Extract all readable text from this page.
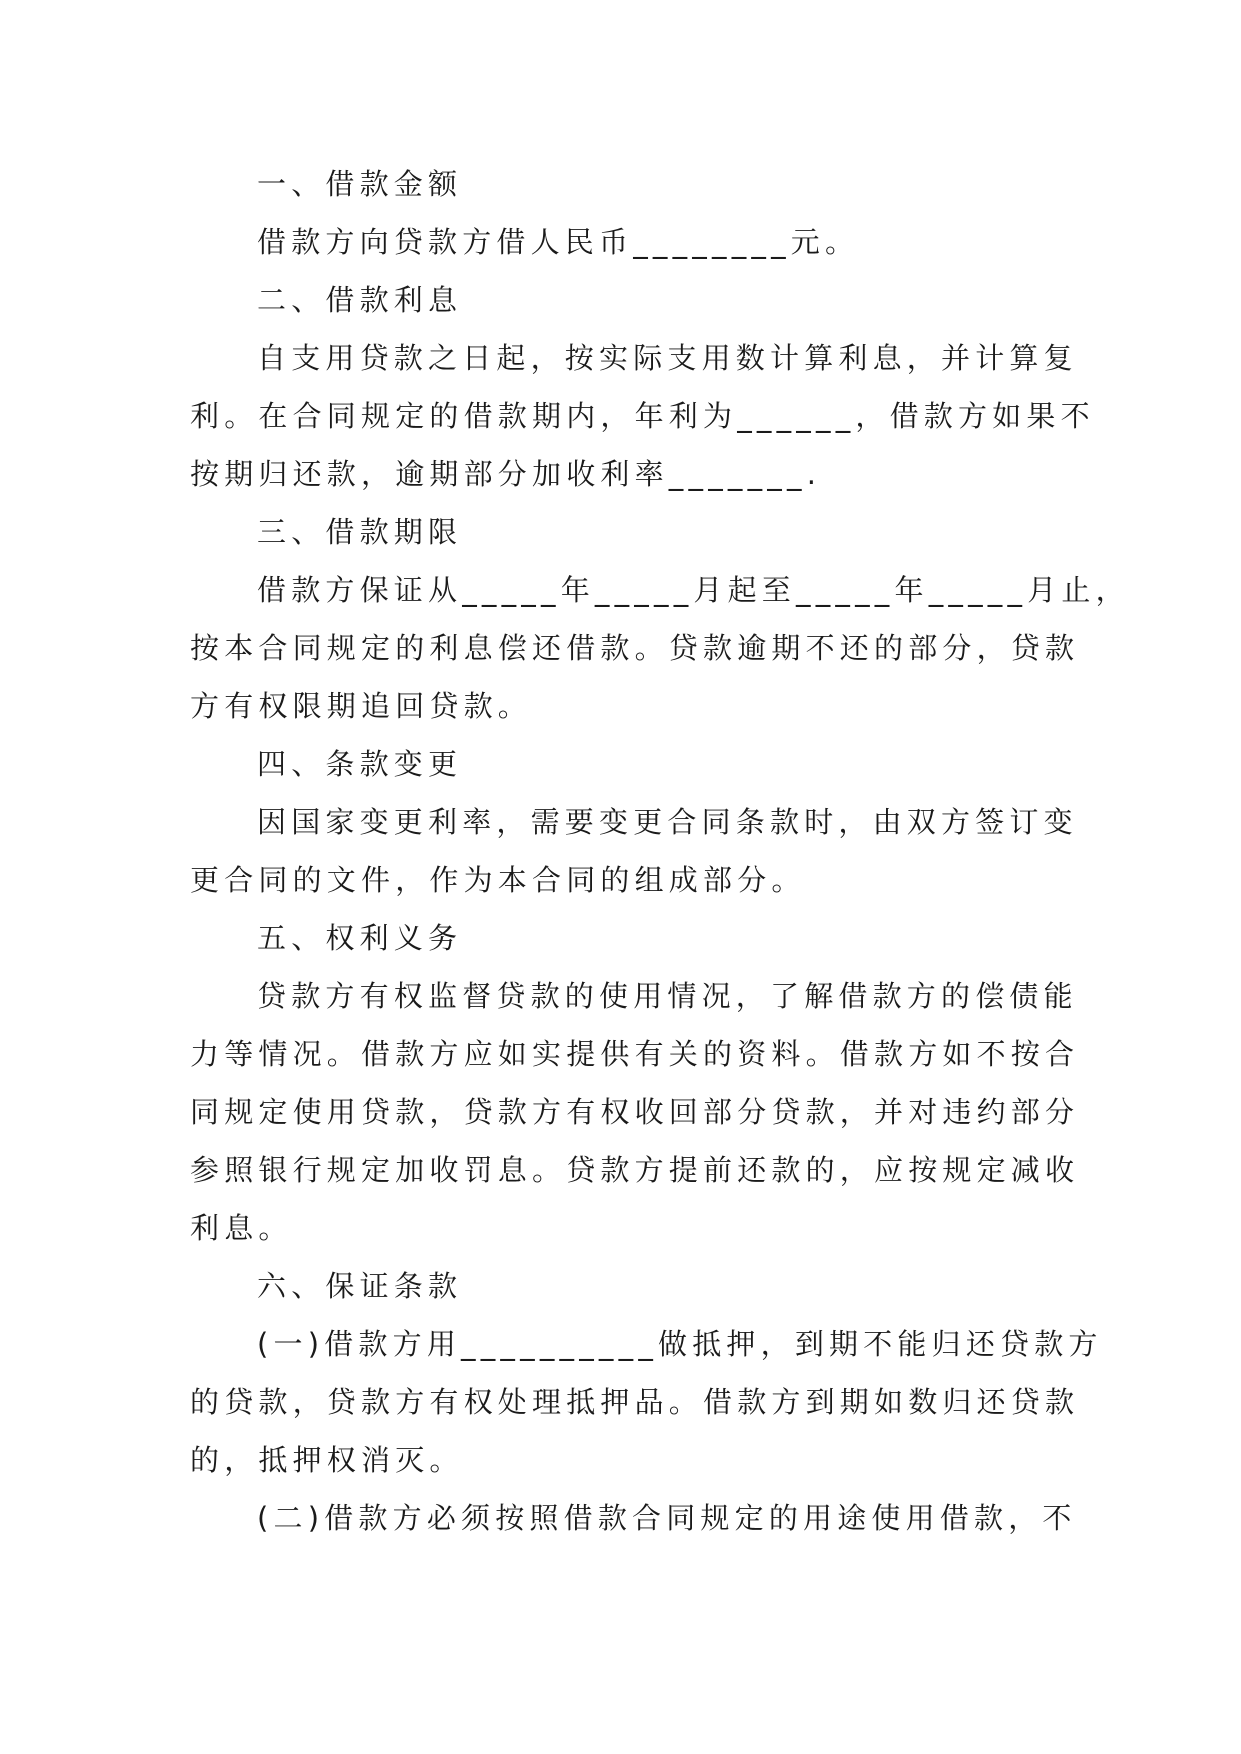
一、借款金额

借款方向贷款方借人民币________元。

二、借款利息

自支用贷款之日起，按实际支用数计算利息，并计算复

利。在合同规定的借款期内，年利为______，借款方如果不

按期归还款，逾期部分加收利率_______.

三、借款期限

借款方保证从_____年_____月起至_____年_____月止，

按本合同规定的利息偿还借款。贷款逾期不还的部分，贷款

方有权限期追回贷款。

四、条款变更

因国家变更利率，需要变更合同条款时，由双方签订变

更合同的文件，作为本合同的组成部分。

五、权利义务

贷款方有权监督贷款的使用情况，了解借款方的偿债能

力等情况。借款方应如实提供有关的资料。借款方如不按合

同规定使用贷款，贷款方有权收回部分贷款，并对违约部分

参照银行规定加收罚息。贷款方提前还款的，应按规定减收

利息。

六、保证条款

(一)借款方用__________做抵押，到期不能归还贷款方

的贷款，贷款方有权处理抵押品。借款方到期如数归还贷款

的，抵押权消灭。

(二)借款方必须按照借款合同规定的用途使用借款，不
